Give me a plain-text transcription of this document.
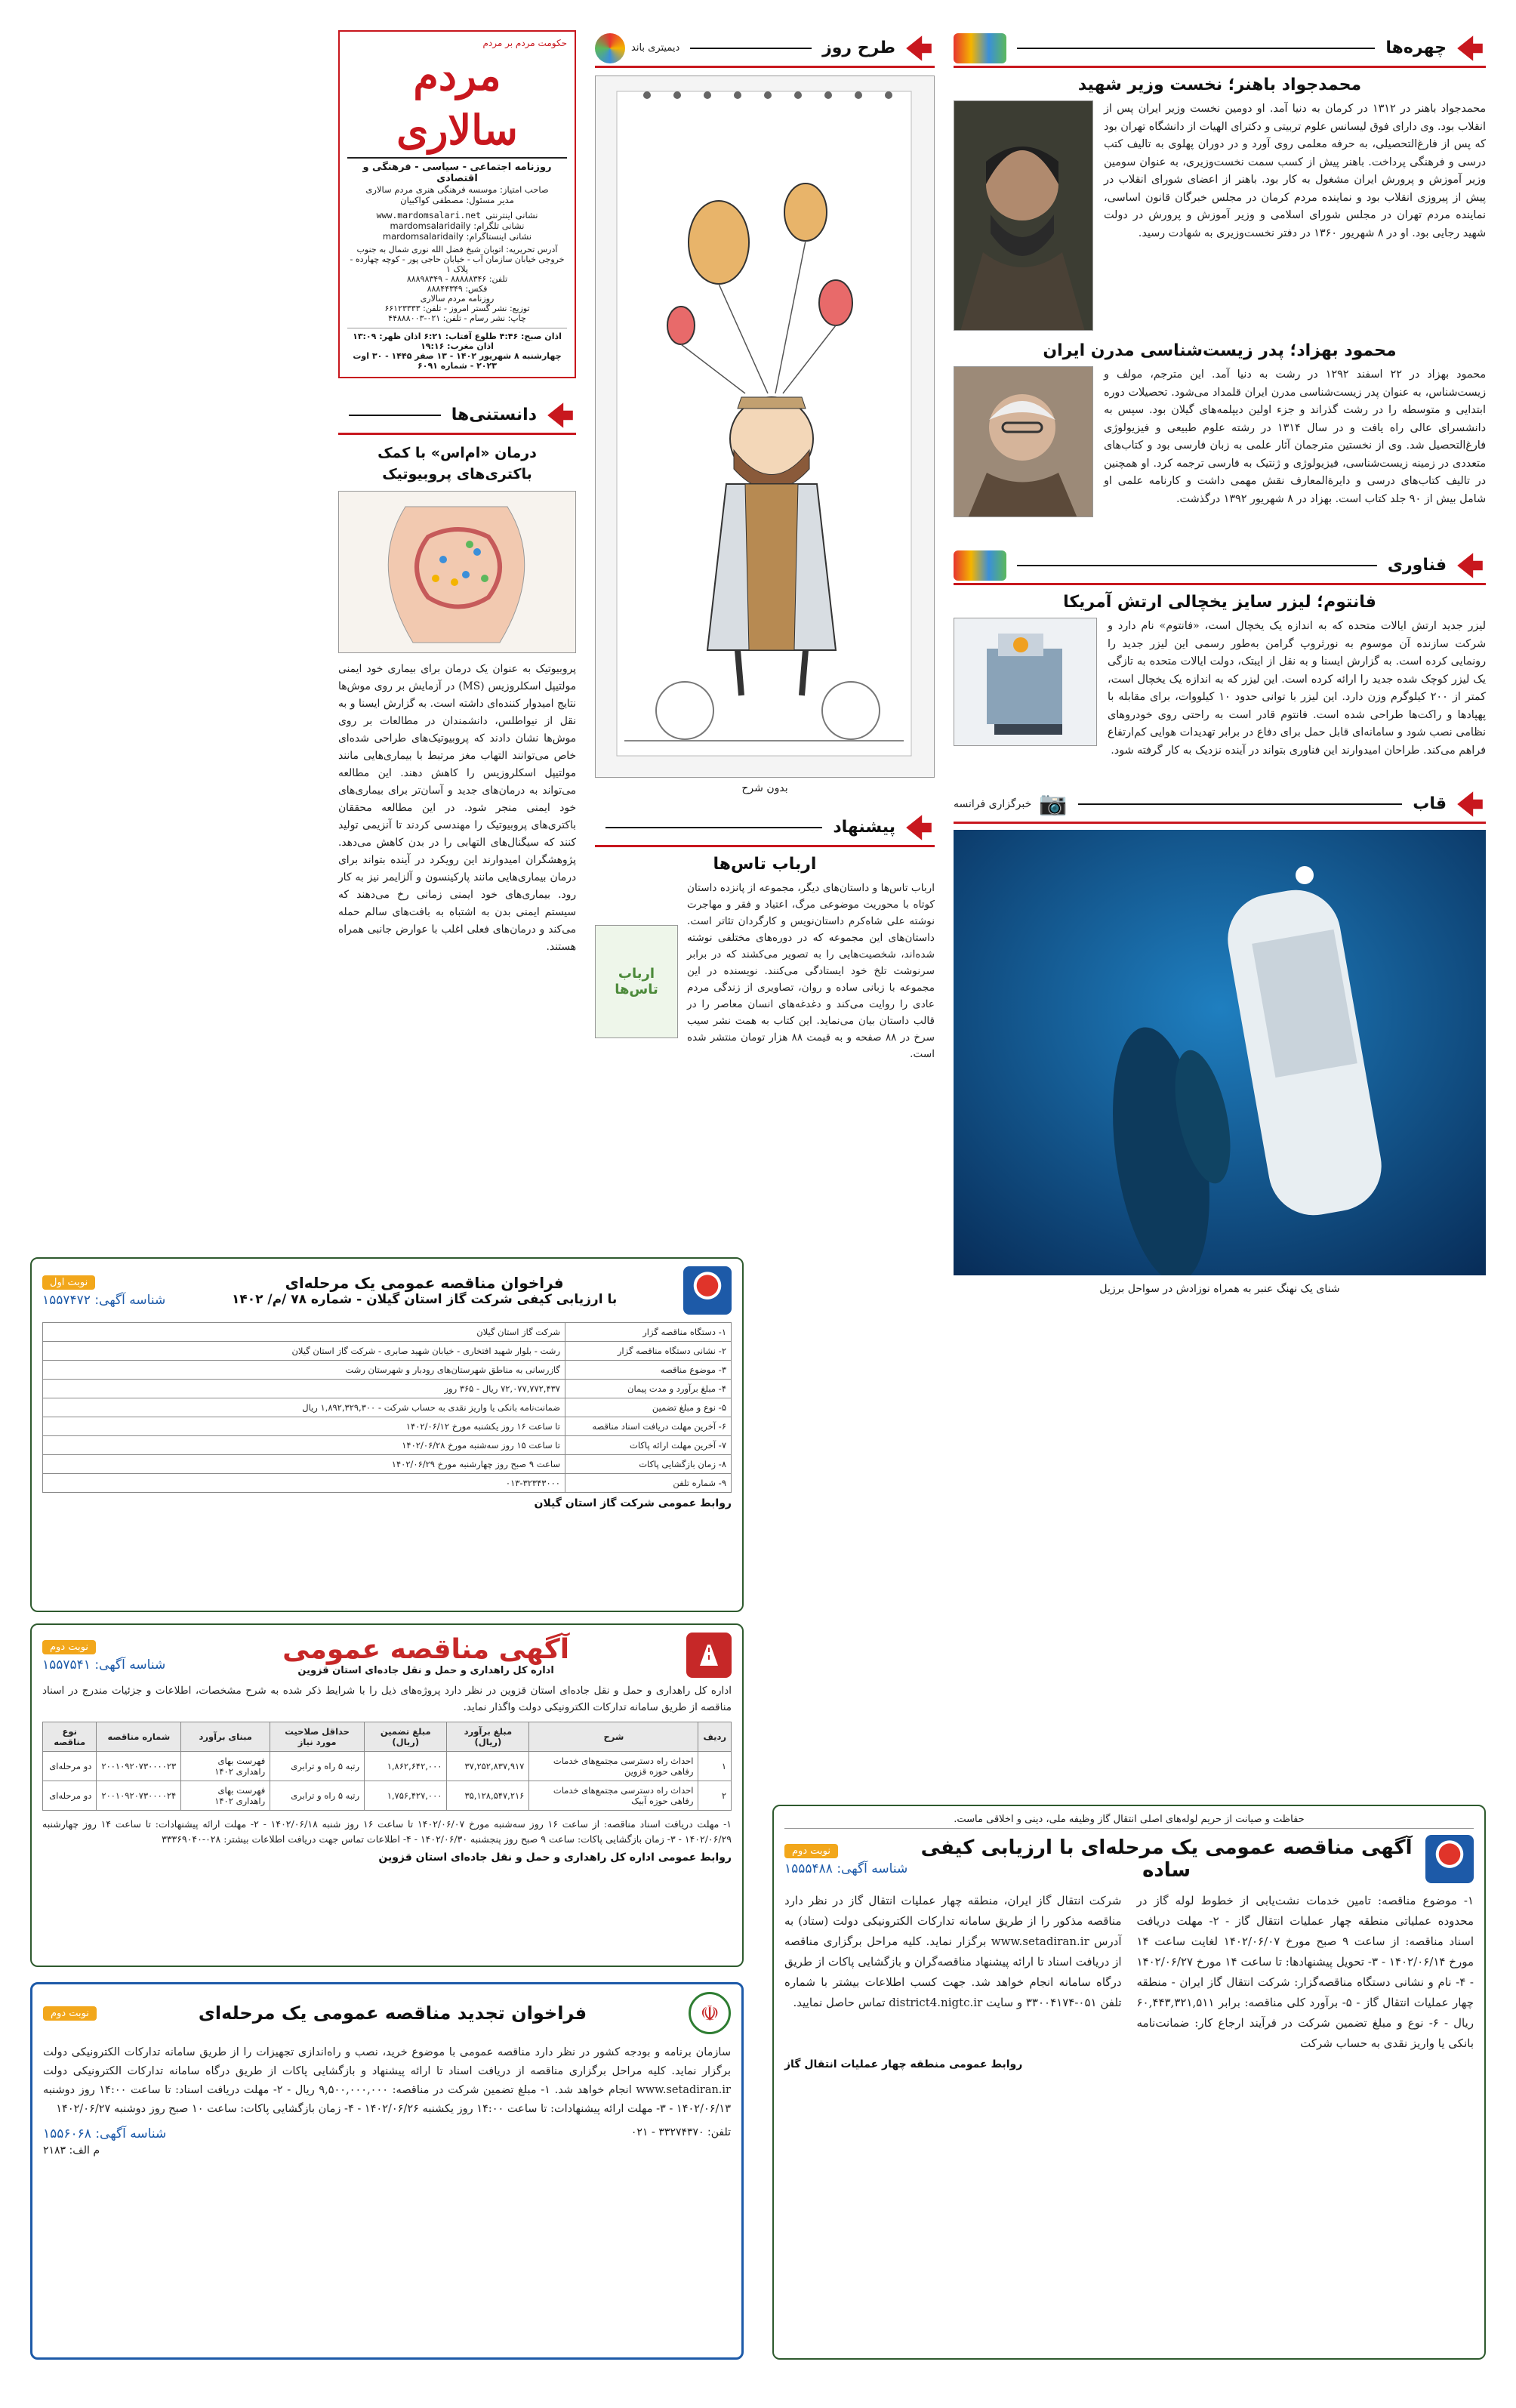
چهره‌ها
محمدجواد باهنر؛ نخست وزیر شهید

محمدجواد باهنر در ۱۳۱۲ در کرمان به دنیا آمد. او دومین نخست وزیر ایران پس از انقلاب بود. وی دارای فوق لیسانس علوم تربیتی و دکترای الهیات از دانشگاه تهران بود که پس از فارغ‌التحصیلی، به حرفه معلمی روی آورد و در دوران پهلوی به تالیف کتب درسی و فرهنگی پرداخت. باهنر پیش از کسب سمت نخست‌وزیری، به عنوان سومین وزیر آموزش و پرورش ایران مشغول به کار بود. باهنر از اعضای شورای انقلاب در پیش از پیروزی انقلاب بود و نماینده مردم کرمان در مجلس خبرگان قانون اساسی، نماینده مردم تهران در مجلس شورای اسلامی و وزیر آموزش و پرورش در دولت شهید رجایی بود. او در ۸ شهریور ۱۳۶۰ در دفتر نخست‌وزیری به شهادت رسید.

محمود بهزاد؛ پدر زیست‌شناسی مدرن ایران

محمود بهزاد در ۲۲ اسفند ۱۲۹۲ در رشت به دنیا آمد. این مترجم، مولف و زیست‌شناس، به عنوان پدر زیست‌شناسی مدرن ایران قلمداد می‌شود. تحصیلات دوره ابتدایی و متوسطه را در رشت گذراند و جزء اولین دیپلمه‌های گیلان بود. سپس به دانشسرای عالی راه یافت و در سال ۱۳۱۴ در رشته علوم طبیعی و فیزیولوژی فارغ‌التحصیل شد. وی از نخستین مترجمان آثار علمی به زبان فارسی بود و کتاب‌های متعددی در زمینه زیست‌شناسی، فیزیولوژی و ژنتیک به فارسی ترجمه کرد. او همچنین در تالیف کتاب‌های درسی و دایرةالمعارف نقش مهمی داشت و کارنامه علمی او شامل بیش از ۹۰ جلد کتاب است. بهزاد در ۸ شهریور ۱۳۹۲ درگذشت.

فناوری
فانتوم؛ لیزر سایز یخچالی ارتش آمریکا

لیزر جدید ارتش ایالات متحده که به اندازه یک یخچال است، «فانتوم» نام دارد و شرکت سازنده آن موسوم به نورثروپ گرامن به‌طور رسمی این لیزر جدید را رونمایی کرده است. به گزارش ایسنا و به نقل از ایبتک، دولت ایالات متحده به تازگی یک لیزر کوچک شده جدید را ارائه کرده است. این لیزر که به اندازه یک یخچال است، کمتر از ۲۰۰ کیلوگرم وزن دارد. این لیزر با توانی حدود ۱۰ کیلووات، برای مقابله با پهپادها و راکت‌ها طراحی شده است. فانتوم قادر است به راحتی روی خودروهای نظامی نصب شود و سامانه‌ای قابل حمل برای دفاع در برابر تهدیدات هوایی کم‌ارتفاع فراهم می‌کند. طراحان امیدوارند این فناوری بتواند در آینده نزدیک به کار گرفته شود.

قاب
📷
خبرگزاری فرانسه

شنای یک نهنگ عنبر به همراه نوزادش در سواحل برزیل

طرح روز
دیمیتری باند

بدون شرح

پیشنهاد
ارباب تاس‌ها

ارباب تاس‌ها و داستان‌های دیگر، مجموعه از پانزده داستان کوتاه با محوریت موضوعی مرگ، اعتیاد و فقر و مهاجرت نوشته علی شاه‌کرم داستان‌نویس و کارگردان تئاتر است. داستان‌های این مجموعه که در دوره‌های مختلفی نوشته شده‌اند، شخصیت‌هایی را به تصویر می‌کشند که در برابر سرنوشت تلخ خود ایستادگی می‌کنند. نویسنده در این مجموعه با زبانی ساده و روان، تصاویری از زندگی مردم عادی را روایت می‌کند و دغدغه‌های انسان معاصر را در قالب داستان بیان می‌نماید. این کتاب به همت نشر سیب سرخ در ۸۸ صفحه و به قیمت ۸۸ هزار تومان منتشر شده است.

ارباب تاس‌ها
حکومت مردم بر مردم
مردم سالاری
روزنامه اجتماعی - سیاسی - فرهنگی و اقتصادی
صاحب امتیاز: موسسه فرهنگی هنری مردم سالاری
مدیر مسئول: مصطفی کواکبیان
نشانی اینترنتی
www.mardomsalari.net
نشانی تلگرام: mardomsalaridaily
نشانی اینستاگرام: mardomsalaridaily
آدرس تحریریه: اتوبان شیخ فضل الله نوری شمال به جنوب خروجی خیابان سازمان آب - خیابان حاجی پور - کوچه چهارده - پلاک ۱
تلفن: ۸۸۸۸۸۳۴۶ - ۸۸۸۹۸۳۴۹
فکس: ۸۸۸۴۴۳۴۹
روزنامه مردم سالاری
توزیع: نشر گستر امروز - تلفن: ۶۶۱۲۳۳۳۳
چاپ: نشر رسام - تلفن: ۰۲۱-۴۴۸۸۸۰۰۳
اذان صبح: ۴:۴۶ طلوع آفتاب: ۶:۲۱ اذان ظهر: ۱۳:۰۹ اذان مغرب: ۱۹:۱۶
چهارشنبه ۸ شهریور ۱۴۰۲ - ۱۳ صفر ۱۴۴۵ - ۳۰ اوت ۲۰۲۳ - شماره ۶۰۹۱
دانستنی‌ها
درمان «ام‌اس» با کمک باکتری‌های پروبیوتیک

پروبیوتیک به عنوان یک درمان برای بیماری خود ایمنی مولتیپل اسکلروزیس (MS) در آزمایش بر روی موش‌ها نتایج امیدوار کننده‌ای داشته است. به گزارش ایسنا و به نقل از نیواطلس، دانشمندان در مطالعات بر روی موش‌ها نشان دادند که پروبیوتیک‌های طراحی شده‌ای خاص می‌توانند التهاب مغز مرتبط با بیماری‌هایی مانند مولتیپل اسکلروزیس را کاهش دهند. این مطالعه می‌تواند به درمان‌های جدید و آسان‌تر برای بیماری‌های خود ایمنی منجر شود. در این مطالعه محققان باکتری‌های پروبیوتیک را مهندسی کردند تا آنزیمی تولید کنند که سیگنال‌های التهابی را در بدن کاهش می‌دهد. پژوهشگران امیدوارند این رویکرد در آینده بتواند برای درمان بیماری‌هایی مانند پارکینسون و آلزایمر نیز به کار رود. بیماری‌های خود ایمنی زمانی رخ می‌دهند که سیستم ایمنی بدن به اشتباه به بافت‌های سالم حمله می‌کند و درمان‌های فعلی اغلب با عوارض جانبی همراه هستند.

فراخوان مناقصه عمومی یک مرحله‌ای
با ارزیابی کیفی شرکت گاز استان گیلان - شماره ۷۸ /م/ ۱۴۰۲
نوبت اول
شناسه آگهی: ۱۵۵۷۴۷۲
۱- دستگاه مناقصه گزار	شرکت گاز استان گیلان
۲- نشانی دستگاه مناقصه گزار	رشت - بلوار شهید افتخاری - خیابان شهید صابری - شرکت گاز استان گیلان
۳- موضوع مناقصه	گازرسانی به مناطق شهرستان‌های رودبار و شهرستان رشت
۴- مبلغ برآورد و مدت پیمان	۷۲,۰۷۷,۷۷۲,۴۳۷ ریال - ۳۶۵ روز
۵- نوع و مبلغ تضمین	ضمانت‌نامه بانکی یا واریز نقدی به حساب شرکت - ۱,۸۹۲,۳۲۹,۳۰۰ ریال
۶- آخرین مهلت دریافت اسناد مناقصه	تا ساعت ۱۶ روز یکشنبه مورخ ۱۴۰۲/۰۶/۱۲
۷- آخرین مهلت ارائه پاکات	تا ساعت ۱۵ روز سه‌شنبه مورخ ۱۴۰۲/۰۶/۲۸
۸- زمان بازگشایی پاکات	ساعت ۹ صبح روز چهارشنبه مورخ ۱۴۰۲/۰۶/۲۹
۹- شماره تلفن	۰۱۳-۳۲۳۴۳۰۰۰
روابط عمومی شرکت گاز استان گیلان
آگهی مناقصه عمومی
اداره کل راهداری و حمل و نقل جاده‌ای استان قزوین
نوبت دوم
شناسه آگهی: ۱۵۵۷۵۴۱

اداره کل راهداری و حمل و نقل جاده‌ای استان قزوین در نظر دارد پروژه‌های ذیل را با شرایط ذکر شده به شرح مشخصات، اطلاعات و جزئیات مندرج در اسناد مناقصه از طریق سامانه تدارکات الکترونیکی دولت واگذار نماید.

ردیف	شرح	مبلغ برآورد (ریال)	مبلغ تضمین (ریال)	حداقل صلاحیت مورد نیاز	مبنای برآورد	شماره مناقصه	نوع مناقصه
۱	احداث راه دسترسی مجتمع‌های خدمات رفاهی حوزه قزوین	۳۷,۲۵۲,۸۳۷,۹۱۷	۱,۸۶۲,۶۴۲,۰۰۰	رتبه ۵ راه و ترابری	فهرست بهای راهداری ۱۴۰۲	۲۰۰۱۰۹۲۰۷۳۰۰۰۰۲۳	دو مرحله‌ای
۲	احداث راه دسترسی مجتمع‌های خدمات رفاهی حوزه آبیک	۳۵,۱۲۸,۵۴۷,۲۱۶	۱,۷۵۶,۴۲۷,۰۰۰	رتبه ۵ راه و ترابری	فهرست بهای راهداری ۱۴۰۲	۲۰۰۱۰۹۲۰۷۳۰۰۰۰۲۴	دو مرحله‌ای

۱- مهلت دریافت اسناد مناقصه: از ساعت ۱۶ روز سه‌شنبه مورخ ۱۴۰۲/۰۶/۰۷ تا ساعت ۱۶ روز شنبه ۱۴۰۲/۰۶/۱۸ - ۲- مهلت ارائه پیشنهادات: تا ساعت ۱۴ روز چهارشنبه ۱۴۰۲/۰۶/۲۹ - ۳- زمان بازگشایی پاکات: ساعت ۹ صبح روز پنجشنبه ۱۴۰۲/۰۶/۳۰ - ۴- اطلاعات تماس جهت دریافت اطلاعات بیشتر: ۰۲۸-۳۳۳۶۹۰۴۰

روابط عمومی اداره کل راهداری و حمل و نقل جاده‌ای استان قزوین
☫
فراخوان تجدید مناقصه عمومی یک مرحله‌ای
نوبت دوم

سازمان برنامه و بودجه کشور در نظر دارد مناقصه عمومی با موضوع خرید، نصب و راه‌اندازی تجهیزات را از طریق سامانه تدارکات الکترونیکی دولت برگزار نماید. کلیه مراحل برگزاری مناقصه از دریافت اسناد تا ارائه پیشنهاد و بازگشایی پاکات از طریق درگاه سامانه تدارکات الکترونیکی دولت www.setadiran.ir انجام خواهد شد. ۱- مبلغ تضمین شرکت در مناقصه: ۹,۵۰۰,۰۰۰,۰۰۰ ریال - ۲- مهلت دریافت اسناد: تا ساعت ۱۴:۰۰ روز دوشنبه ۱۴۰۲/۰۶/۱۳ - ۳- مهلت ارائه پیشنهادات: تا ساعت ۱۴:۰۰ روز یکشنبه ۱۴۰۲/۰۶/۲۶ - ۴- زمان بازگشایی پاکات: ساعت ۱۰ صبح روز دوشنبه ۱۴۰۲/۰۶/۲۷

تلفن: ۳۳۲۷۴۳۷۰ - ۰۲۱
شناسه آگهی: ۱۵۵۶۰۶۸
م الف: ۲۱۸۳
حفاظت و صیانت از حریم لوله‌های اصلی انتقال گاز وظیفه ملی، دینی و اخلاقی ماست.
آگهی مناقصه عمومی یک مرحله‌ای با ارزیابی کیفی ساده
نوبت دوم
شناسه آگهی: ۱۵۵۵۴۸۸

۱- موضوع مناقصه: تامین خدمات نشت‌یابی از خطوط لوله گاز در محدوده عملیاتی منطقه چهار عملیات انتقال گاز - ۲- مهلت دریافت اسناد مناقصه: از ساعت ۹ صبح مورخ ۱۴۰۲/۰۶/۰۷ لغایت ساعت ۱۴ مورخ ۱۴۰۲/۰۶/۱۴ - ۳- تحویل پیشنهادها: تا ساعت ۱۴ مورخ ۱۴۰۲/۰۶/۲۷ - ۴- نام و نشانی دستگاه مناقصه‌گزار: شرکت انتقال گاز ایران - منطقه چهار عملیات انتقال گاز - ۵- برآورد کلی مناقصه: برابر ۶۰,۴۴۳,۳۲۱,۵۱۱ ریال - ۶- نوع و مبلغ تضمین شرکت در فرآیند ارجاع کار: ضمانت‌نامه بانکی یا واریز نقدی به حساب شرکت

شرکت انتقال گاز ایران، منطقه چهار عملیات انتقال گاز در نظر دارد مناقصه مذکور را از طریق سامانه تدارکات الکترونیکی دولت (ستاد) به آدرس www.setadiran.ir برگزار نماید. کلیه مراحل برگزاری مناقصه از دریافت اسناد تا ارائه پیشنهاد مناقصه‌گران و بازگشایی پاکات از طریق درگاه سامانه انجام خواهد شد. جهت کسب اطلاعات بیشتر با شماره تلفن ۰۵۱-۳۳۰۰۴۱۷۴ و سایت district4.nigtc.ir تماس حاصل نمایید.

روابط عمومی منطقه چهار عملیات انتقال گاز
